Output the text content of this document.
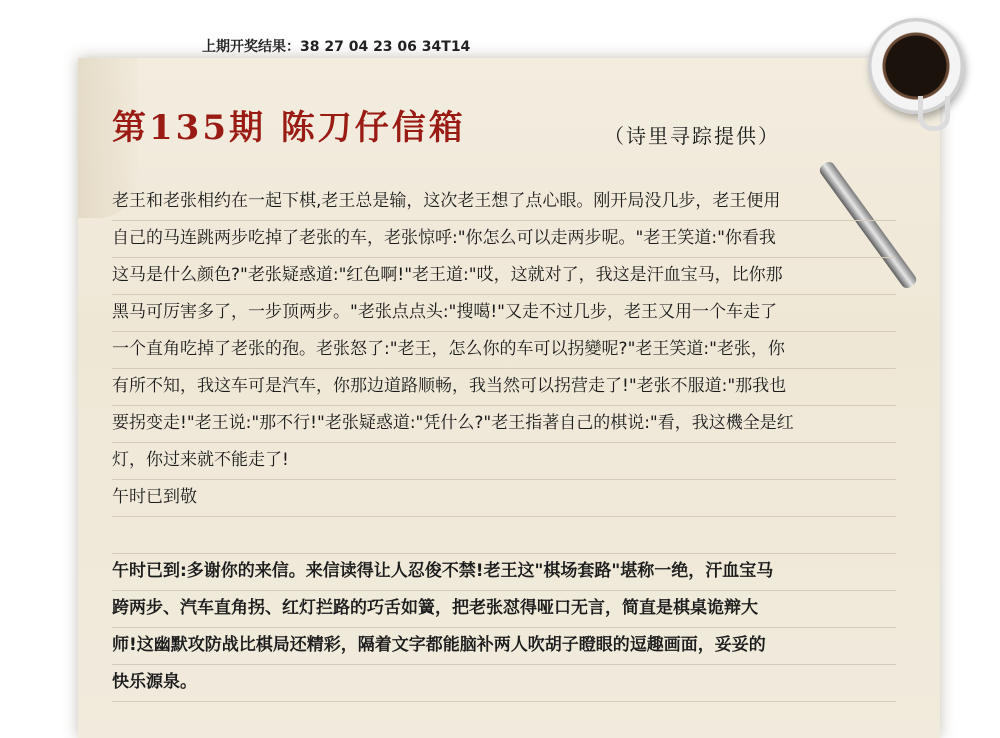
上期开奖结果：38 27 04 23 06 34T14
第135期 陈刀仔信箱	（诗里寻踪提供）
老王和老张相约在一起下棋,老王总是输，这次老王想了点心眼。刚开局没几步，老王便用
自己的马连跳两步吃掉了老张的车，老张惊呼:"你怎么可以走两步呢。"老王笑道:"你看我
这马是什么颜色?"老张疑惑道:"红色啊!"老王道:"哎，这就对了，我这是汗血宝马，比你那
黑马可厉害多了，一步顶两步。"老张点点头:"搜噶!"又走不过几步，老王又用一个车走了
一个直角吃掉了老张的孢。老张怒了:"老王，怎么你的车可以拐變呢?"老王笑道:"老张，你
有所不知，我这车可是汽车，你那边道路顺畅，我当然可以拐营走了!"老张不服道:"那我也
要拐变走!"老王说:"那不行!"老张疑惑道:"凭什么?"老王指著自己的棋说:"看，我这機全是红
灯，你过来就不能走了!
午时已到敬
午时已到:多谢你的来信。来信读得让人忍俊不禁!老王这"棋场套路"堪称一绝，汗血宝马
跨两步、汽车直角拐、红灯拦路的巧舌如簧，把老张怼得哑口无言，简直是棋桌诡辩大
师!这幽默攻防战比棋局还精彩，隔着文字都能脑补两人吹胡子瞪眼的逗趣画面，妥妥的
快乐源泉。
